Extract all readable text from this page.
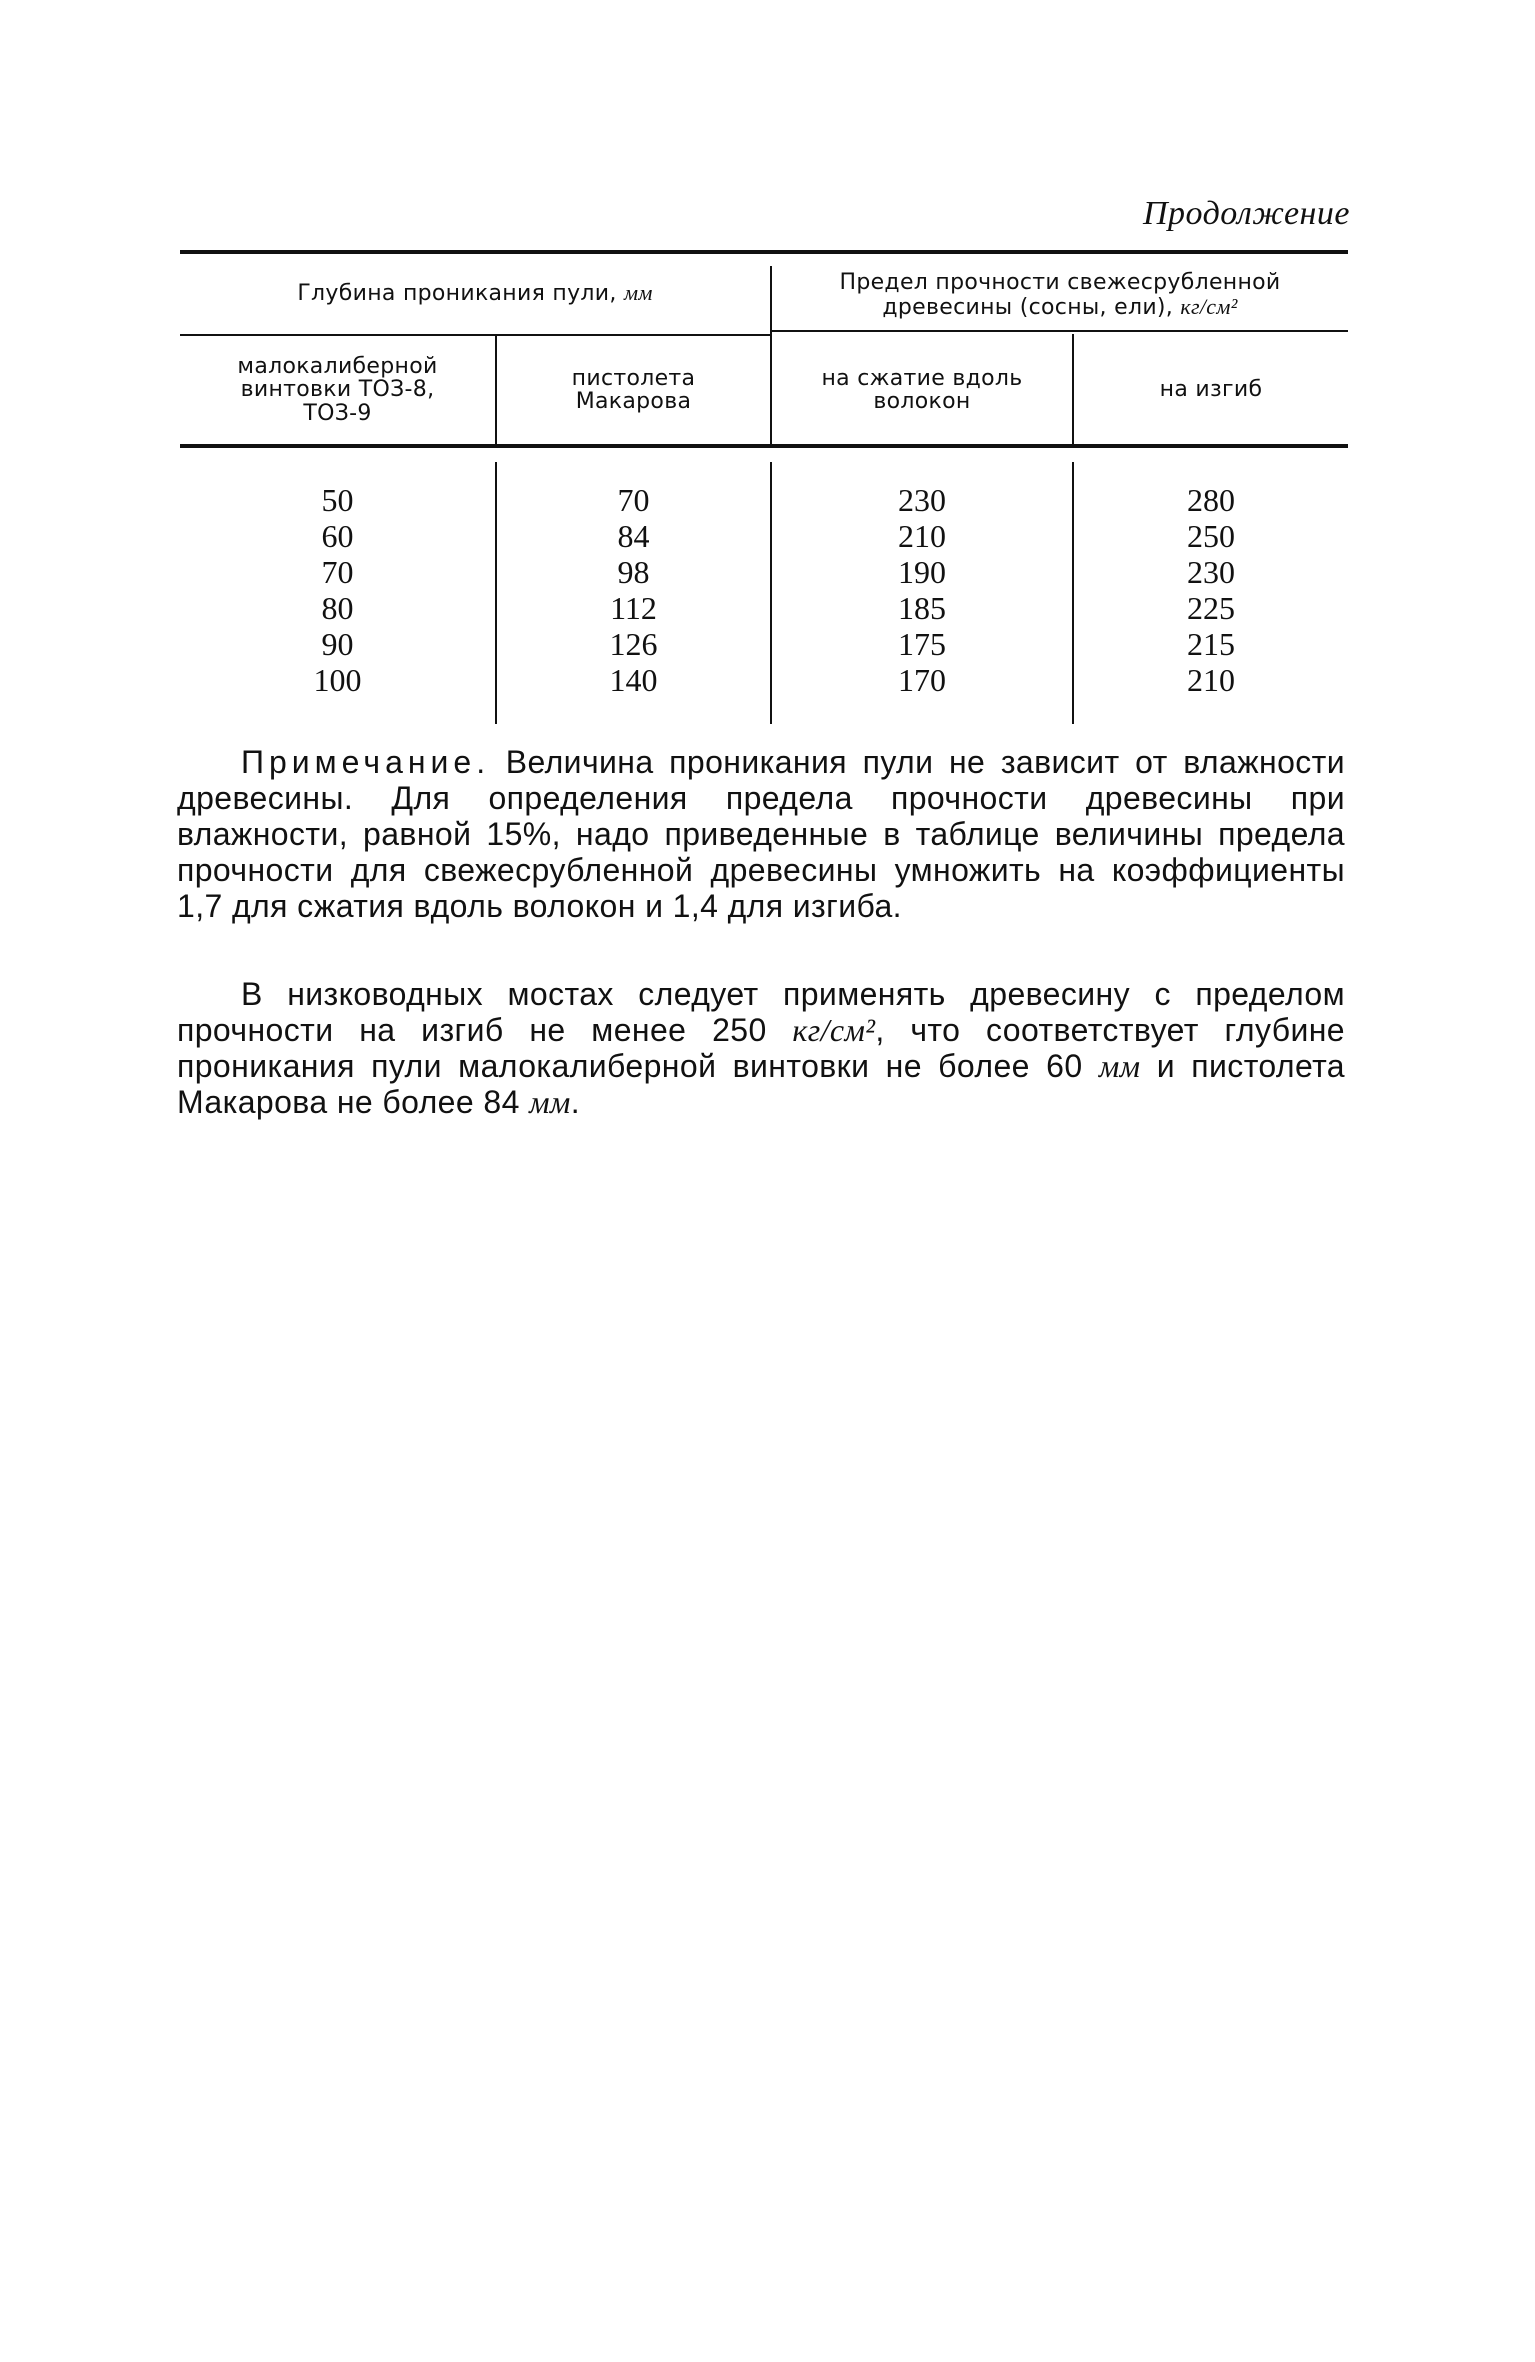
Продолжение
Глубина проникания пули, мм	Предел прочности свежесрубленной
древесины (сосны, ели), кг/см²
малокалиберной винтовки ТОЗ-8, ТОЗ-9
пистолета Макарова
на сжатие вдоль волокон	на изгиб
50
60
70
80
90
100
70
84
98
112
126
140
230
210
190
185
175
170
280
250
230
225
215
210
Примечание. Величина проникания пули не зависит от влажности древесины. Для определения предела прочности древесины при влажности, равной 15%, надо приведенные в таблице величины предела прочности для свежесрубленной древесины умножить на коэффициенты 1,7 для сжатия вдоль волокон и 1,4 для изгиба.
В низководных мостах следует применять древесину с пределом прочности на изгиб не менее 250 кг/см², что соответствует глубине проникания пули малокалиберной винтовки не более 60 мм и пистолета Макарова не более 84 мм.
